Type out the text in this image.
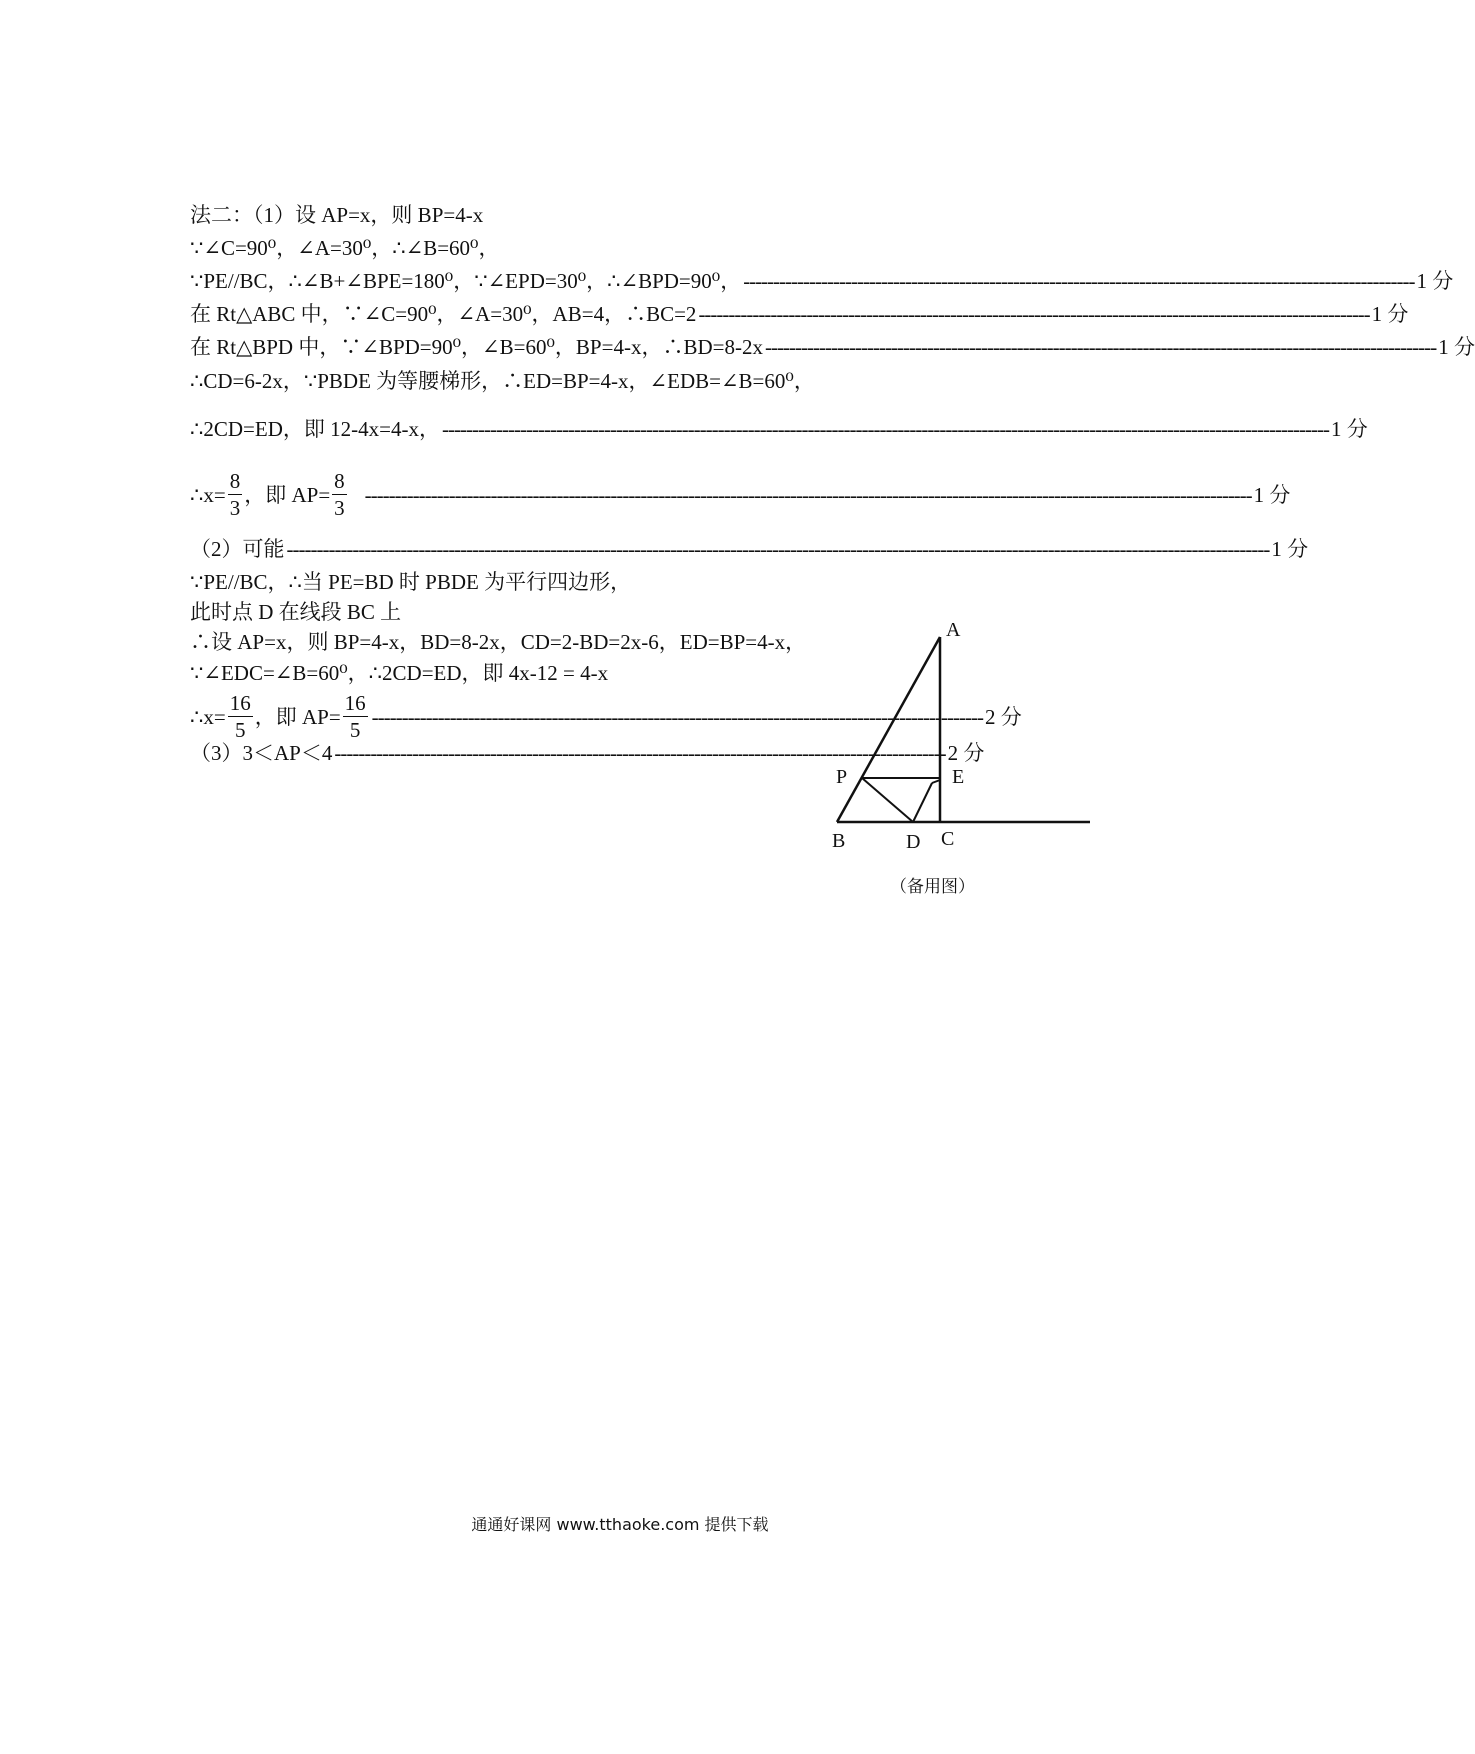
法二：（1）设 AP=x，则 BP=4-x
∵∠C=90⁰，∠A=30⁰，∴∠B=60⁰，
∵PE//BC，∴∠B+∠BPE=180⁰，∵∠EPD=30⁰，∴∠BPD=90⁰， ---------------------------------------------------------------------------------------------------------------- 1 分
在 Rt△ABC 中，∵∠C=90⁰，∠A=30⁰，AB=4，∴BC=2 ---------------------------------------------------------------------------------------------------------------- 1 分
在 Rt△BPD 中，∵∠BPD=90⁰，∠B=60⁰，BP=4-x，∴BD=8-2x ---------------------------------------------------------------------------------------------------------------- 1 分
∴CD=6-2x，∵PBDE 为等腰梯形，∴ED=BP=4-x，∠EDB=∠B=60⁰，
∴2CD=ED，即 12-4x=4-x， ---------------------------------------------------------------------------------------------------------------------------------------------------- 1 分
∴x= $\frac{8}{3}$ ，即 $AP= \frac{8}{3}$ ---------------------------------------------------------------------------------------------------------------------------------------------------- 1 分
（2）可能 -------------------------------------------------------------------------------------------------------------------------------------------------------------------- 1 分
∵PE//BC，∴当 PE=BD 时 PBDE 为平行四边形，
此时点 D 在线段 BC 上
∴设 AP=x，则 BP=4-x，BD=8-2x，CD=2-BD=2x-6，ED=BP=4-x，
∵∠EDC=∠B=60⁰，∴2CD=ED，即 4x-12 = 4-x
∴x= $\frac{16}{5}$ ，即 $AP= \frac{16}{5}$ ------------------------------------------------------------------------------------------------------ 2 分
（3）3＜AP＜4 ------------------------------------------------------------------------------------------------------ 2 分
A
B	C
D
E
P
（备用图）
通通好课网 www.tthaoke.com 提供下载
